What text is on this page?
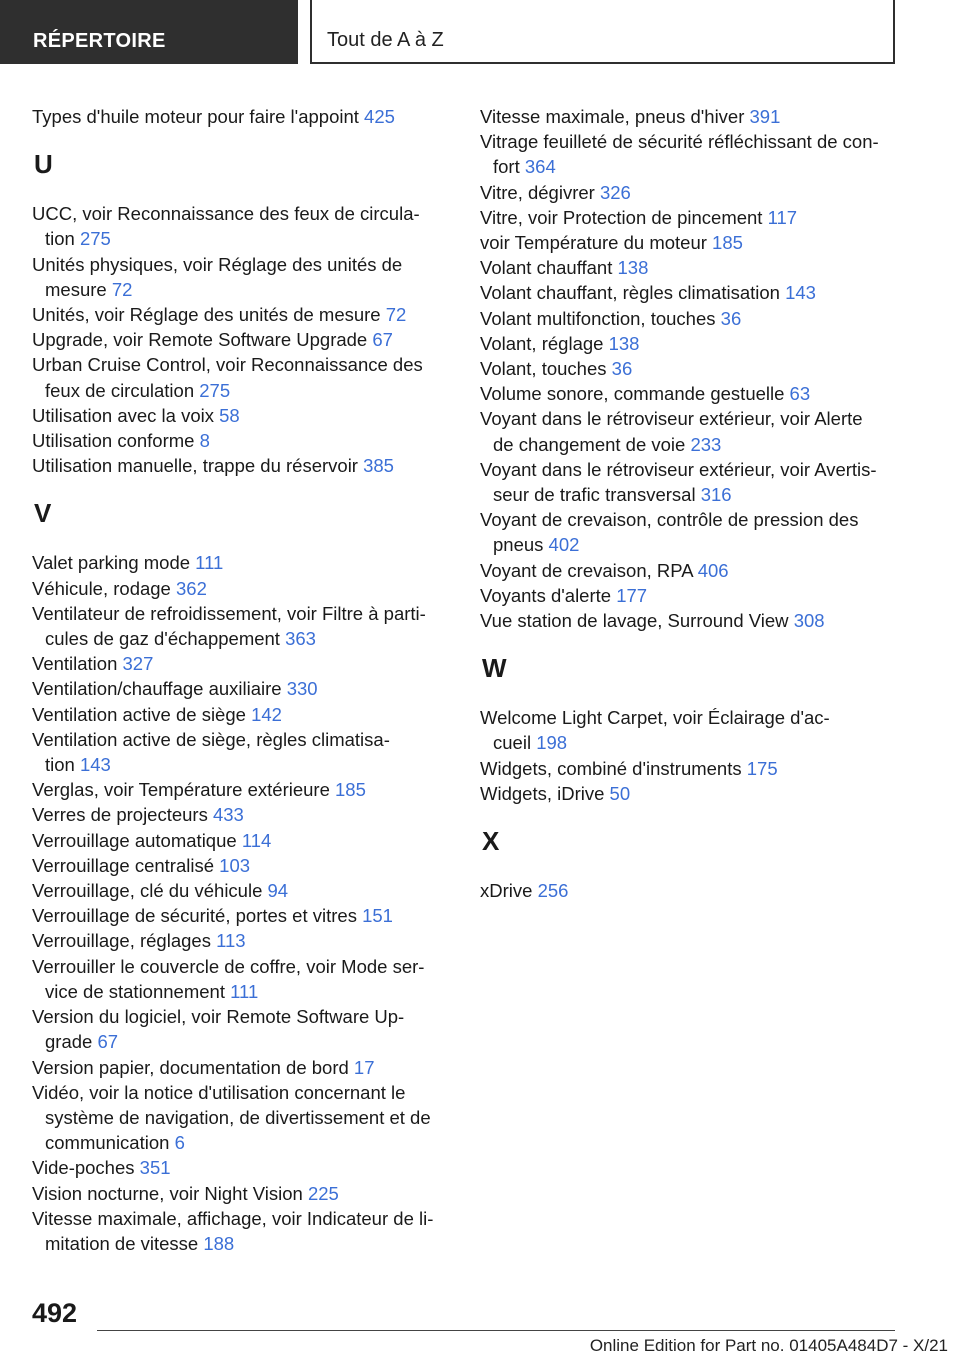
RÉPERTOIRE	Tout de A à Z
Types d'huile moteur pour faire l'appoint 425
U
UCC, voir Reconnaissance des feux de circula-
tion 275
Unités physiques, voir Réglage des unités de
mesure 72
Unités, voir Réglage des unités de mesure 72
Upgrade, voir Remote Software Upgrade 67
Urban Cruise Control, voir Reconnaissance des
feux de circulation 275
Utilisation avec la voix 58
Utilisation conforme 8
Utilisation manuelle, trappe du réservoir 385
V
Valet parking mode 111
Véhicule, rodage 362
Ventilateur de refroidissement, voir Filtre à parti-
cules de gaz d'échappement 363
Ventilation 327
Ventilation/chauffage auxiliaire 330
Ventilation active de siège 142
Ventilation active de siège, règles climatisa-
tion 143
Verglas, voir Température extérieure 185
Verres de projecteurs 433
Verrouillage automatique 114
Verrouillage centralisé 103
Verrouillage, clé du véhicule 94
Verrouillage de sécurité, portes et vitres 151
Verrouillage, réglages 113
Verrouiller le couvercle de coffre, voir Mode ser-
vice de stationnement 111
Version du logiciel, voir Remote Software Up-
grade 67
Version papier, documentation de bord 17
Vidéo, voir la notice d'utilisation concernant le
système de navigation, de divertissement et de
communication 6
Vide-poches 351
Vision nocturne, voir Night Vision 225
Vitesse maximale, affichage, voir Indicateur de li-
mitation de vitesse 188
Vitesse maximale, pneus d'hiver 391
Vitrage feuilleté de sécurité réfléchissant de con-
fort 364
Vitre, dégivrer 326
Vitre, voir Protection de pincement 117
voir Température du moteur 185
Volant chauffant 138
Volant chauffant, règles climatisation 143
Volant multifonction, touches 36
Volant, réglage 138
Volant, touches 36
Volume sonore, commande gestuelle 63
Voyant dans le rétroviseur extérieur, voir Alerte
de changement de voie 233
Voyant dans le rétroviseur extérieur, voir Avertis-
seur de trafic transversal 316
Voyant de crevaison, contrôle de pression des
pneus 402
Voyant de crevaison, RPA 406
Voyants d'alerte 177
Vue station de lavage, Surround View 308
W
Welcome Light Carpet, voir Éclairage d'ac-
cueil 198
Widgets, combiné d'instruments 175
Widgets, iDrive 50
X
xDrive 256
492
Online Edition for Part no. 01405A484D7 - X/21
